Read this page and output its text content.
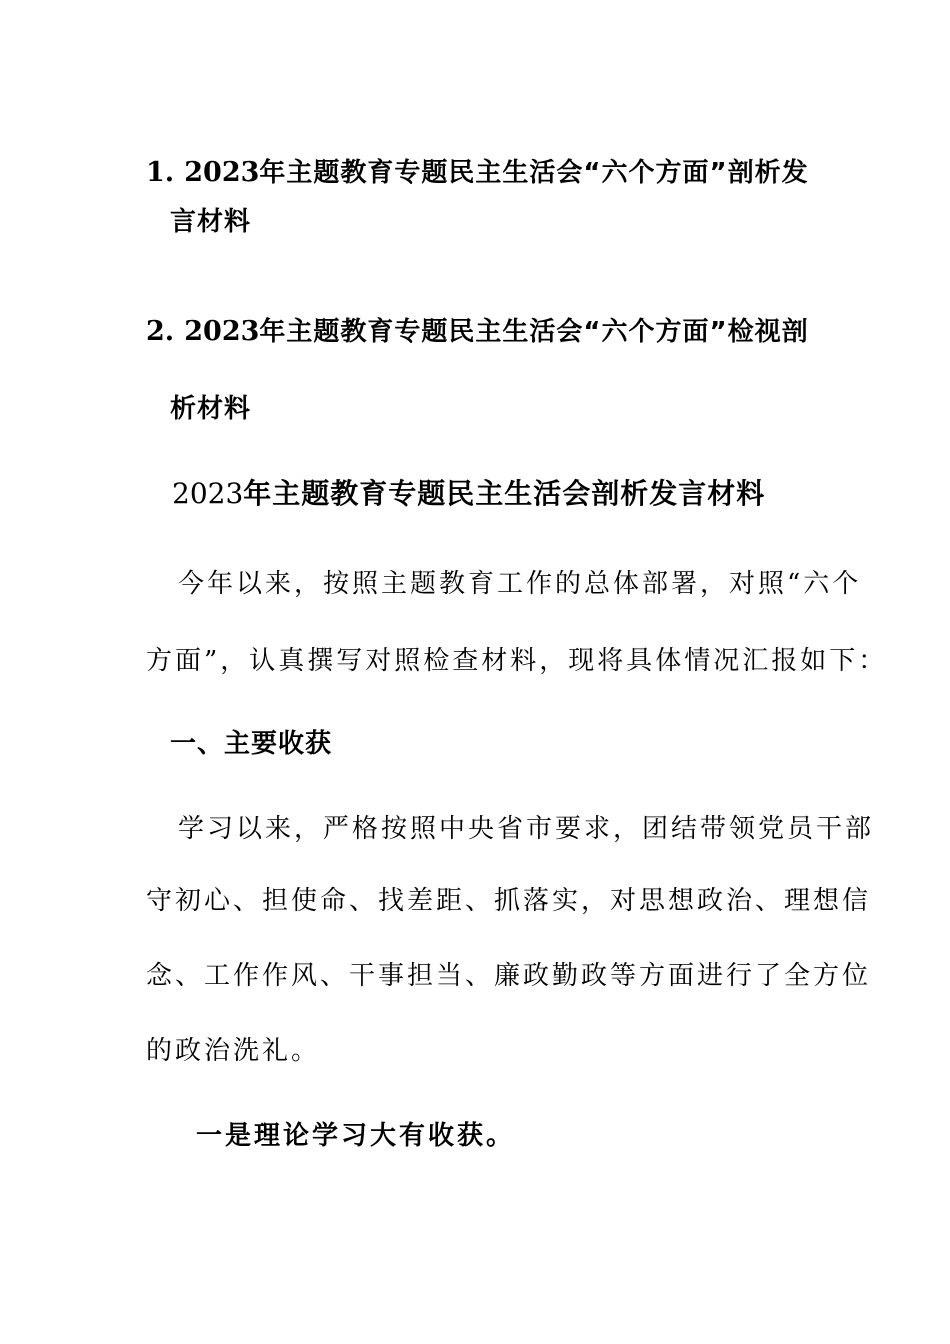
1. 2023年主题教育专题民主生活会“六个方面”剖析发
言材料
2. 2023年主题教育专题民主生活会“六个方面”检视剖
析材料
2023年主题教育专题民主生活会剖析发言材料
今年以来，按照主题教育工作的总体部署，对照“六个
方面”，认真撰写对照检查材料，现将具体情况汇报如下：
一、主要收获
学习以来，严格按照中央省市要求，团结带领党员干部
守初心、担使命、找差距、抓落实，对思想政治、理想信
念、工作作风、干事担当、廉政勤政等方面进行了全方位
的政治洗礼。
一是理论学习大有收获。
